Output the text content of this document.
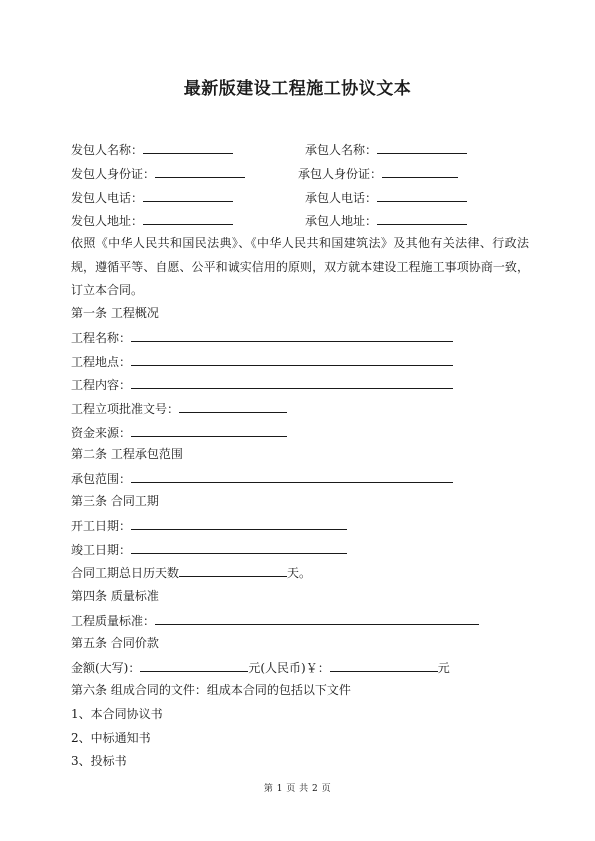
最新版建设工程施工协议文本
发包人名称：	承包人名称：
发包人身份证：	承包人身份证：
发包人电话：	承包人电话：
发包人地址：	承包人地址：
依照《中华人民共和国民法典》、《中华人民共和国建筑法》及其他有关法律、行政法规，遵循平等、自愿、公平和诚实信用的原则，双方就本建设工程施工事项协商一致，订立本合同。
第一条 工程概况
工程名称：
工程地点：
工程内容：
工程立项批准文号：
资金来源：
第二条 工程承包范围
承包范围：
第三条 合同工期
开工日期：
竣工日期：
合同工期总日历天数	天。
第四条 质量标准
工程质量标准：
第五条 合同价款
金额(大写)：	元(人民币)￥：	元
第六条 组成合同的文件：组成本合同的包括以下文件
1、本合同协议书
2、中标通知书
3、投标书
第 1 页 共 2 页
